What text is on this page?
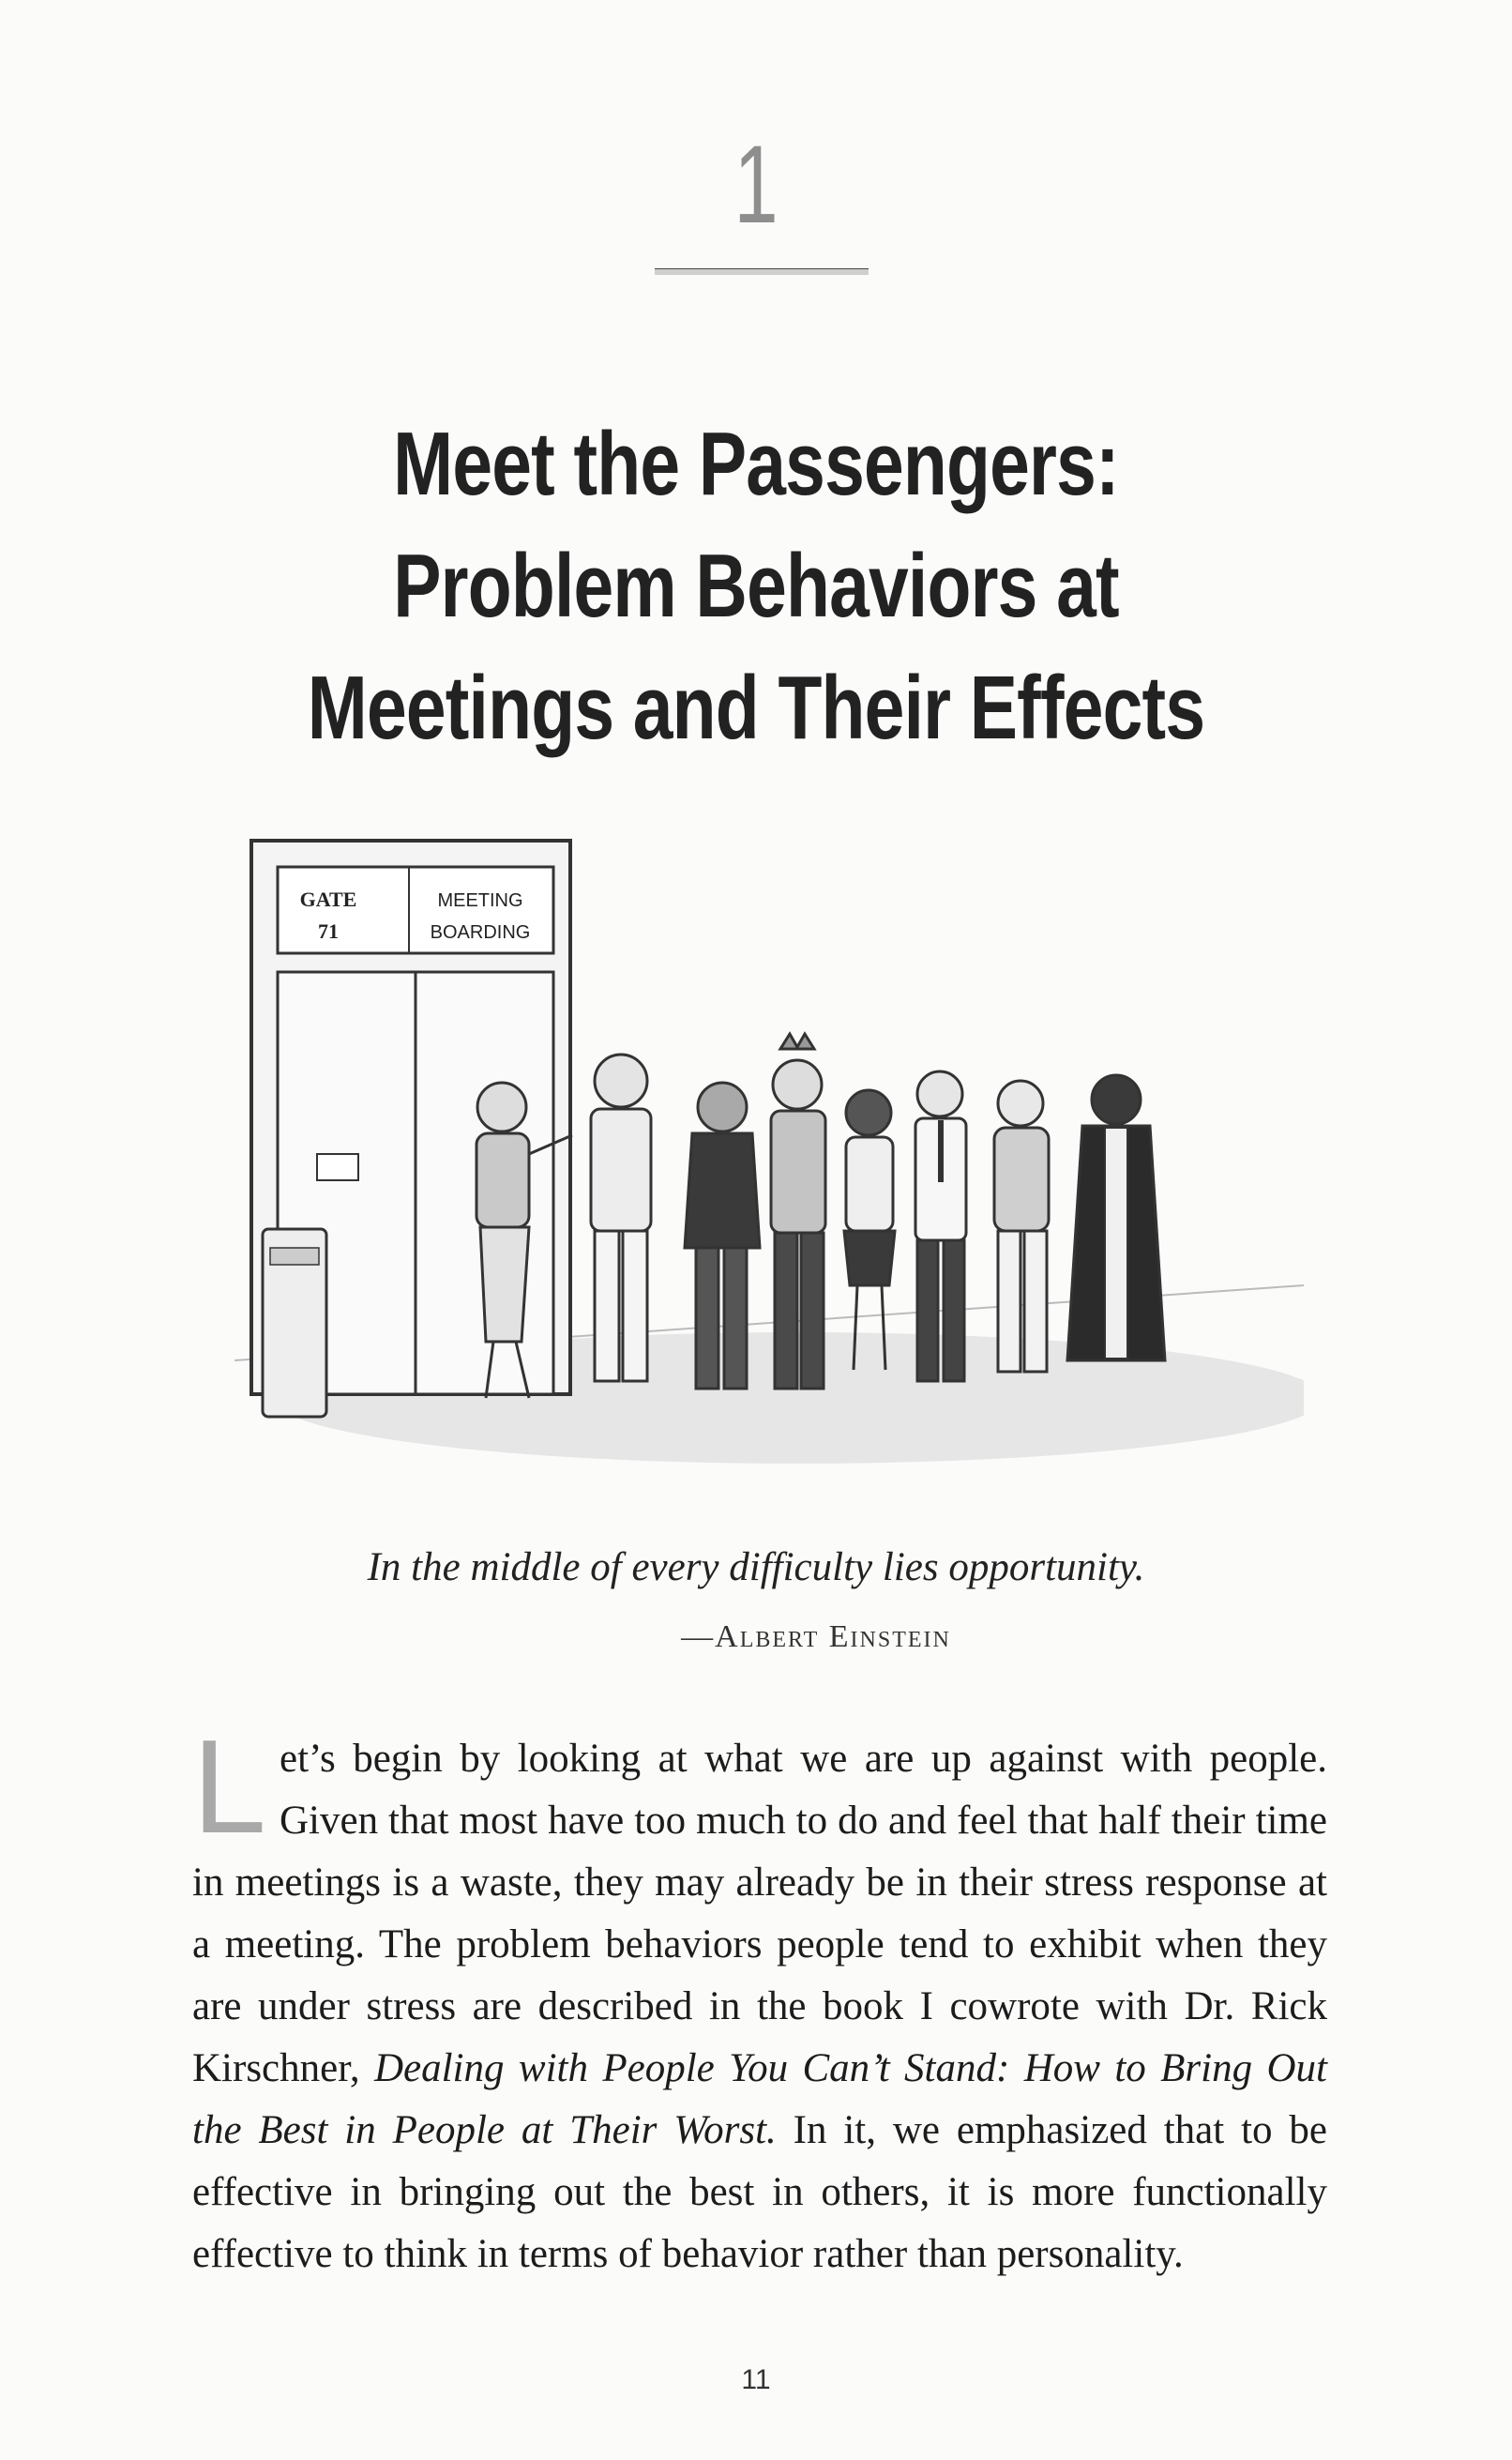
1
Meet the Passengers:
Problem Behaviors at
Meetings and Their Effects
GATE
71
MEETING
BOARDING
In the middle of every difficulty lies opportunity.
—Albert Einstein
Let’s begin by looking at what we are up against with people. Given that most have too much to do and feel that half their time in meetings is a waste, they may already be in their stress response at a meeting. The problem behaviors people tend to exhibit when they are under stress are described in the book I cowrote with Dr. Rick Kirschner, Dealing with People You Can’t Stand: How to Bring Out the Best in People at Their Worst. In it, we emphasized that to be effective in bringing out the best in others, it is more functionally effective to think in terms of behavior rather than personality.
11
